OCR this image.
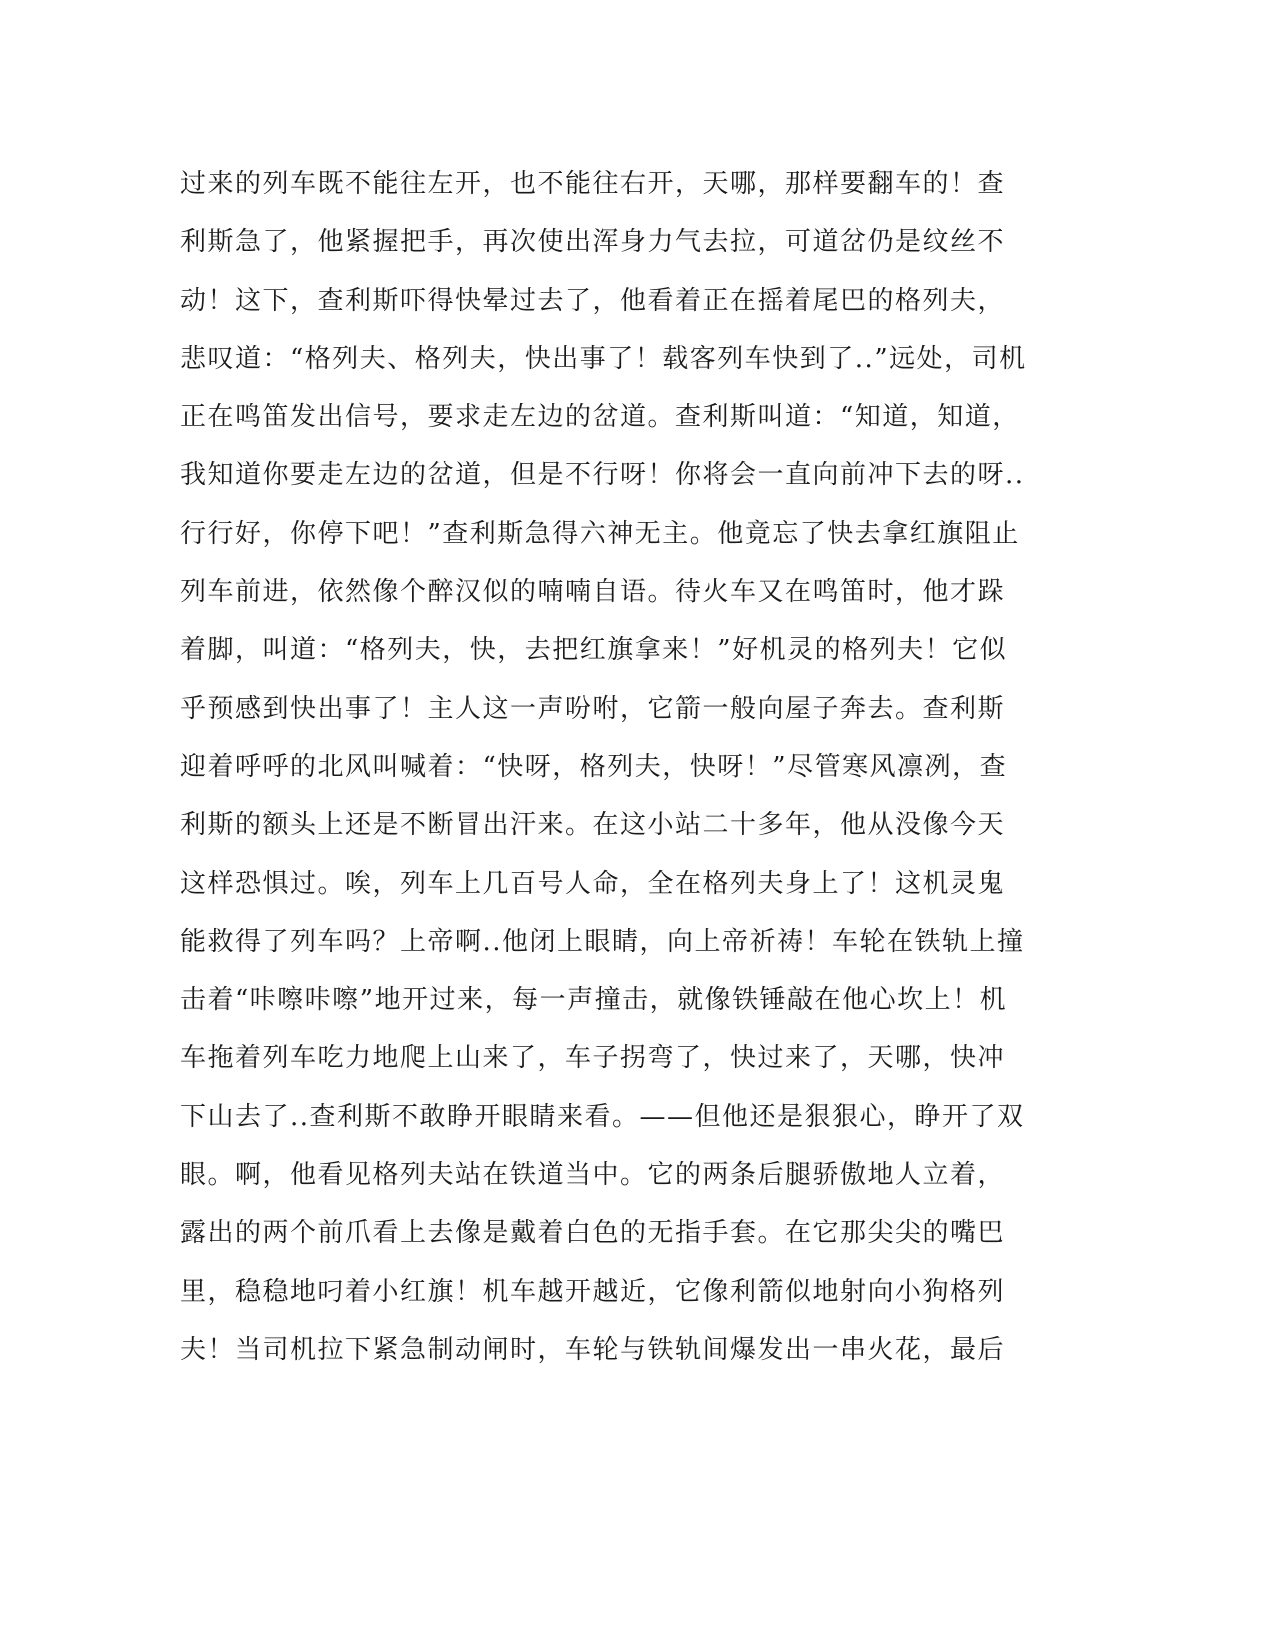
过来的列车既不能往左开，也不能往右开，天哪，那样要翻车的！查
利斯急了，他紧握把手，再次使出浑身力气去拉，可道岔仍是纹丝不
动！这下，查利斯吓得快晕过去了，他看着正在摇着尾巴的格列夫，
悲叹道：“格列夫、格列夫，快出事了！载客列车快到了..”远处，司机
正在鸣笛发出信号，要求走左边的岔道。查利斯叫道：“知道，知道，
我知道你要走左边的岔道，但是不行呀！你将会一直向前冲下去的呀..
行行好，你停下吧！”查利斯急得六神无主。他竟忘了快去拿红旗阻止
列车前进，依然像个醉汉似的喃喃自语。待火车又在鸣笛时，他才跺
着脚，叫道：“格列夫，快，去把红旗拿来！”好机灵的格列夫！它似
乎预感到快出事了！主人这一声吩咐，它箭一般向屋子奔去。查利斯
迎着呼呼的北风叫喊着：“快呀，格列夫，快呀！”尽管寒风凛冽，查
利斯的额头上还是不断冒出汗来。在这小站二十多年，他从没像今天
这样恐惧过。唉，列车上几百号人命，全在格列夫身上了！这机灵鬼
能救得了列车吗？上帝啊..他闭上眼睛，向上帝祈祷！车轮在铁轨上撞
击着“咔嚓咔嚓”地开过来，每一声撞击，就像铁锤敲在他心坎上！机
车拖着列车吃力地爬上山来了，车子拐弯了，快过来了，天哪，快冲
下山去了..查利斯不敢睁开眼睛来看。——但他还是狠狠心，睁开了双
眼。啊，他看见格列夫站在铁道当中。它的两条后腿骄傲地人立着，
露出的两个前爪看上去像是戴着白色的无指手套。在它那尖尖的嘴巴
里，稳稳地叼着小红旗！机车越开越近，它像利箭似地射向小狗格列
夫！当司机拉下紧急制动闸时，车轮与铁轨间爆发出一串火花，最后
